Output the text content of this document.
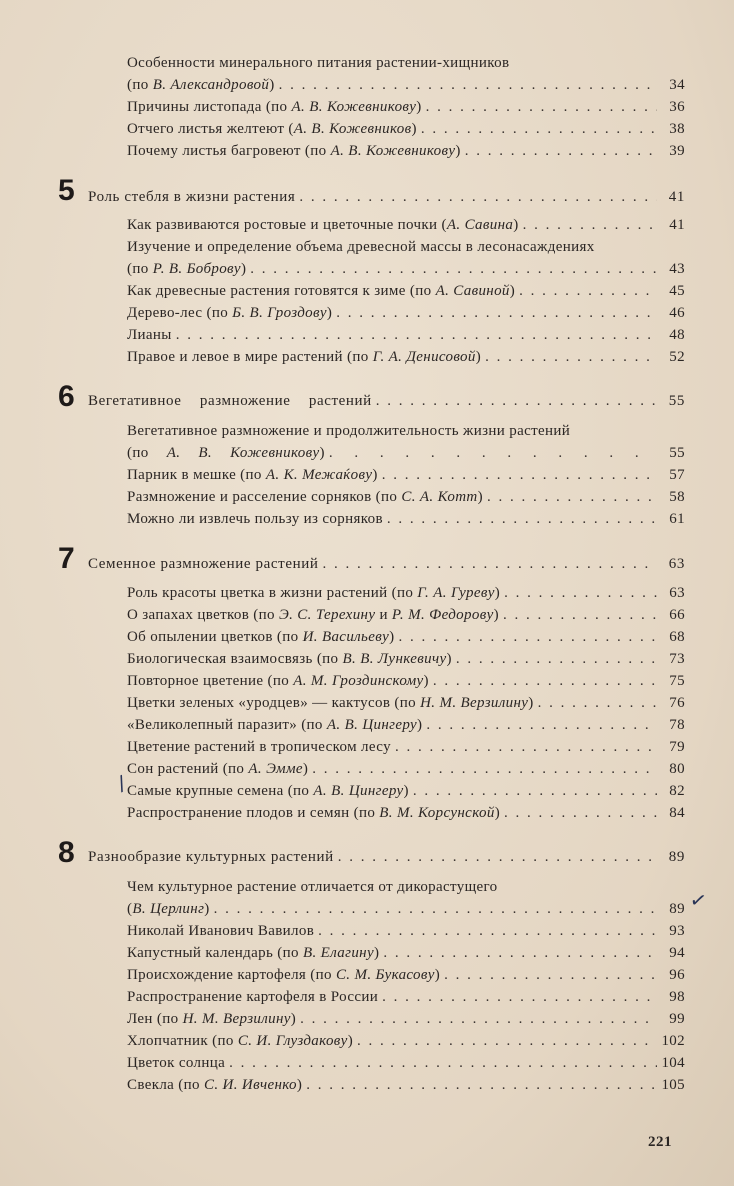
Особенности минерального питания растении-хищников
(по В. Александровой) . . .	34
Причины листопада (по А. В. Кожевникову) . . .	36
Отчего листья желтеют (А. В. Кожевников) . . .	38
Почему листья багровеют (по А. В. Кожевникову) . . .	39
5 Роль стебля в жизни растения . . .	41
Как развиваются ростовые и цветочные почки (А. Савина) . . .	41
Изучение и определение объема древесной массы в лесонасаждениях
(по Р. В. Боброву) . . .	43
Как древесные растения готовятся к зиме (по А. Савиной) . . .	45
Дерево-лес (по Б. В. Гроздову) . . .	46
Лианы . . .	48
Правое и левое в мире растений (по Г. А. Денисовой) . . .	52
6 Вегетативное размножение растений . . .	55
Вегетативное размножение и продолжительность жизни растений
(по А. В. Кожевникову) . . .	55
Парник в мешке (по А. К. Межаќову) . . .	57
Размножение и расселение сорняков (по С. А. Котт) . . .	58
Можно ли извлечь пользу из сорняков . . .	61
7 Семенное размножение растений . . .	63
Роль красоты цветка в жизни растений (по Г. А. Гуреву) . . .	63
О запахах цветков (по Э. С. Терехину и Р. М. Федорову) . . .	66
Об опылении цветков (по И. Васильеву) . . .	68
Биологическая взаимосвязь (по В. В. Лункевичу) . . .	73
Повторное цветение (по А. М. Гроздинскому) . . .	75
Цветки зеленых «уродцев» — кактусов (по Н. М. Верзилину) . . .	76
«Великолепный паразит» (по А. В. Цингеру) . . .	78
Цветение растений в тропическом лесу . . .	79
Сон растений (по А. Эмме) . . .	80
/
Самые крупные семена (по А. В. Цингеру) . . .	82
Распространение плодов и семян (по В. М. Корсунской) . . .	84
8 Разнообразие культурных растений . . .	89
Чем культурное растение отличается от дикорастущего
(В. Церлинг) . . .	89 ✓
Николай Иванович Вавилов . . .	93
Капустный календарь (по В. Елагину) . . .	94
Происхождение картофеля (по С. М. Букасову) . . .	96
Распространение картофеля в России . . .	98
Лен (по Н. М. Верзилину) . . .	99
Хлопчатник (по С. И. Глуздакову) . . .	102
Цветок солнца . . .	104
Свекла (по С. И. Ивченко) . . .	105
221
